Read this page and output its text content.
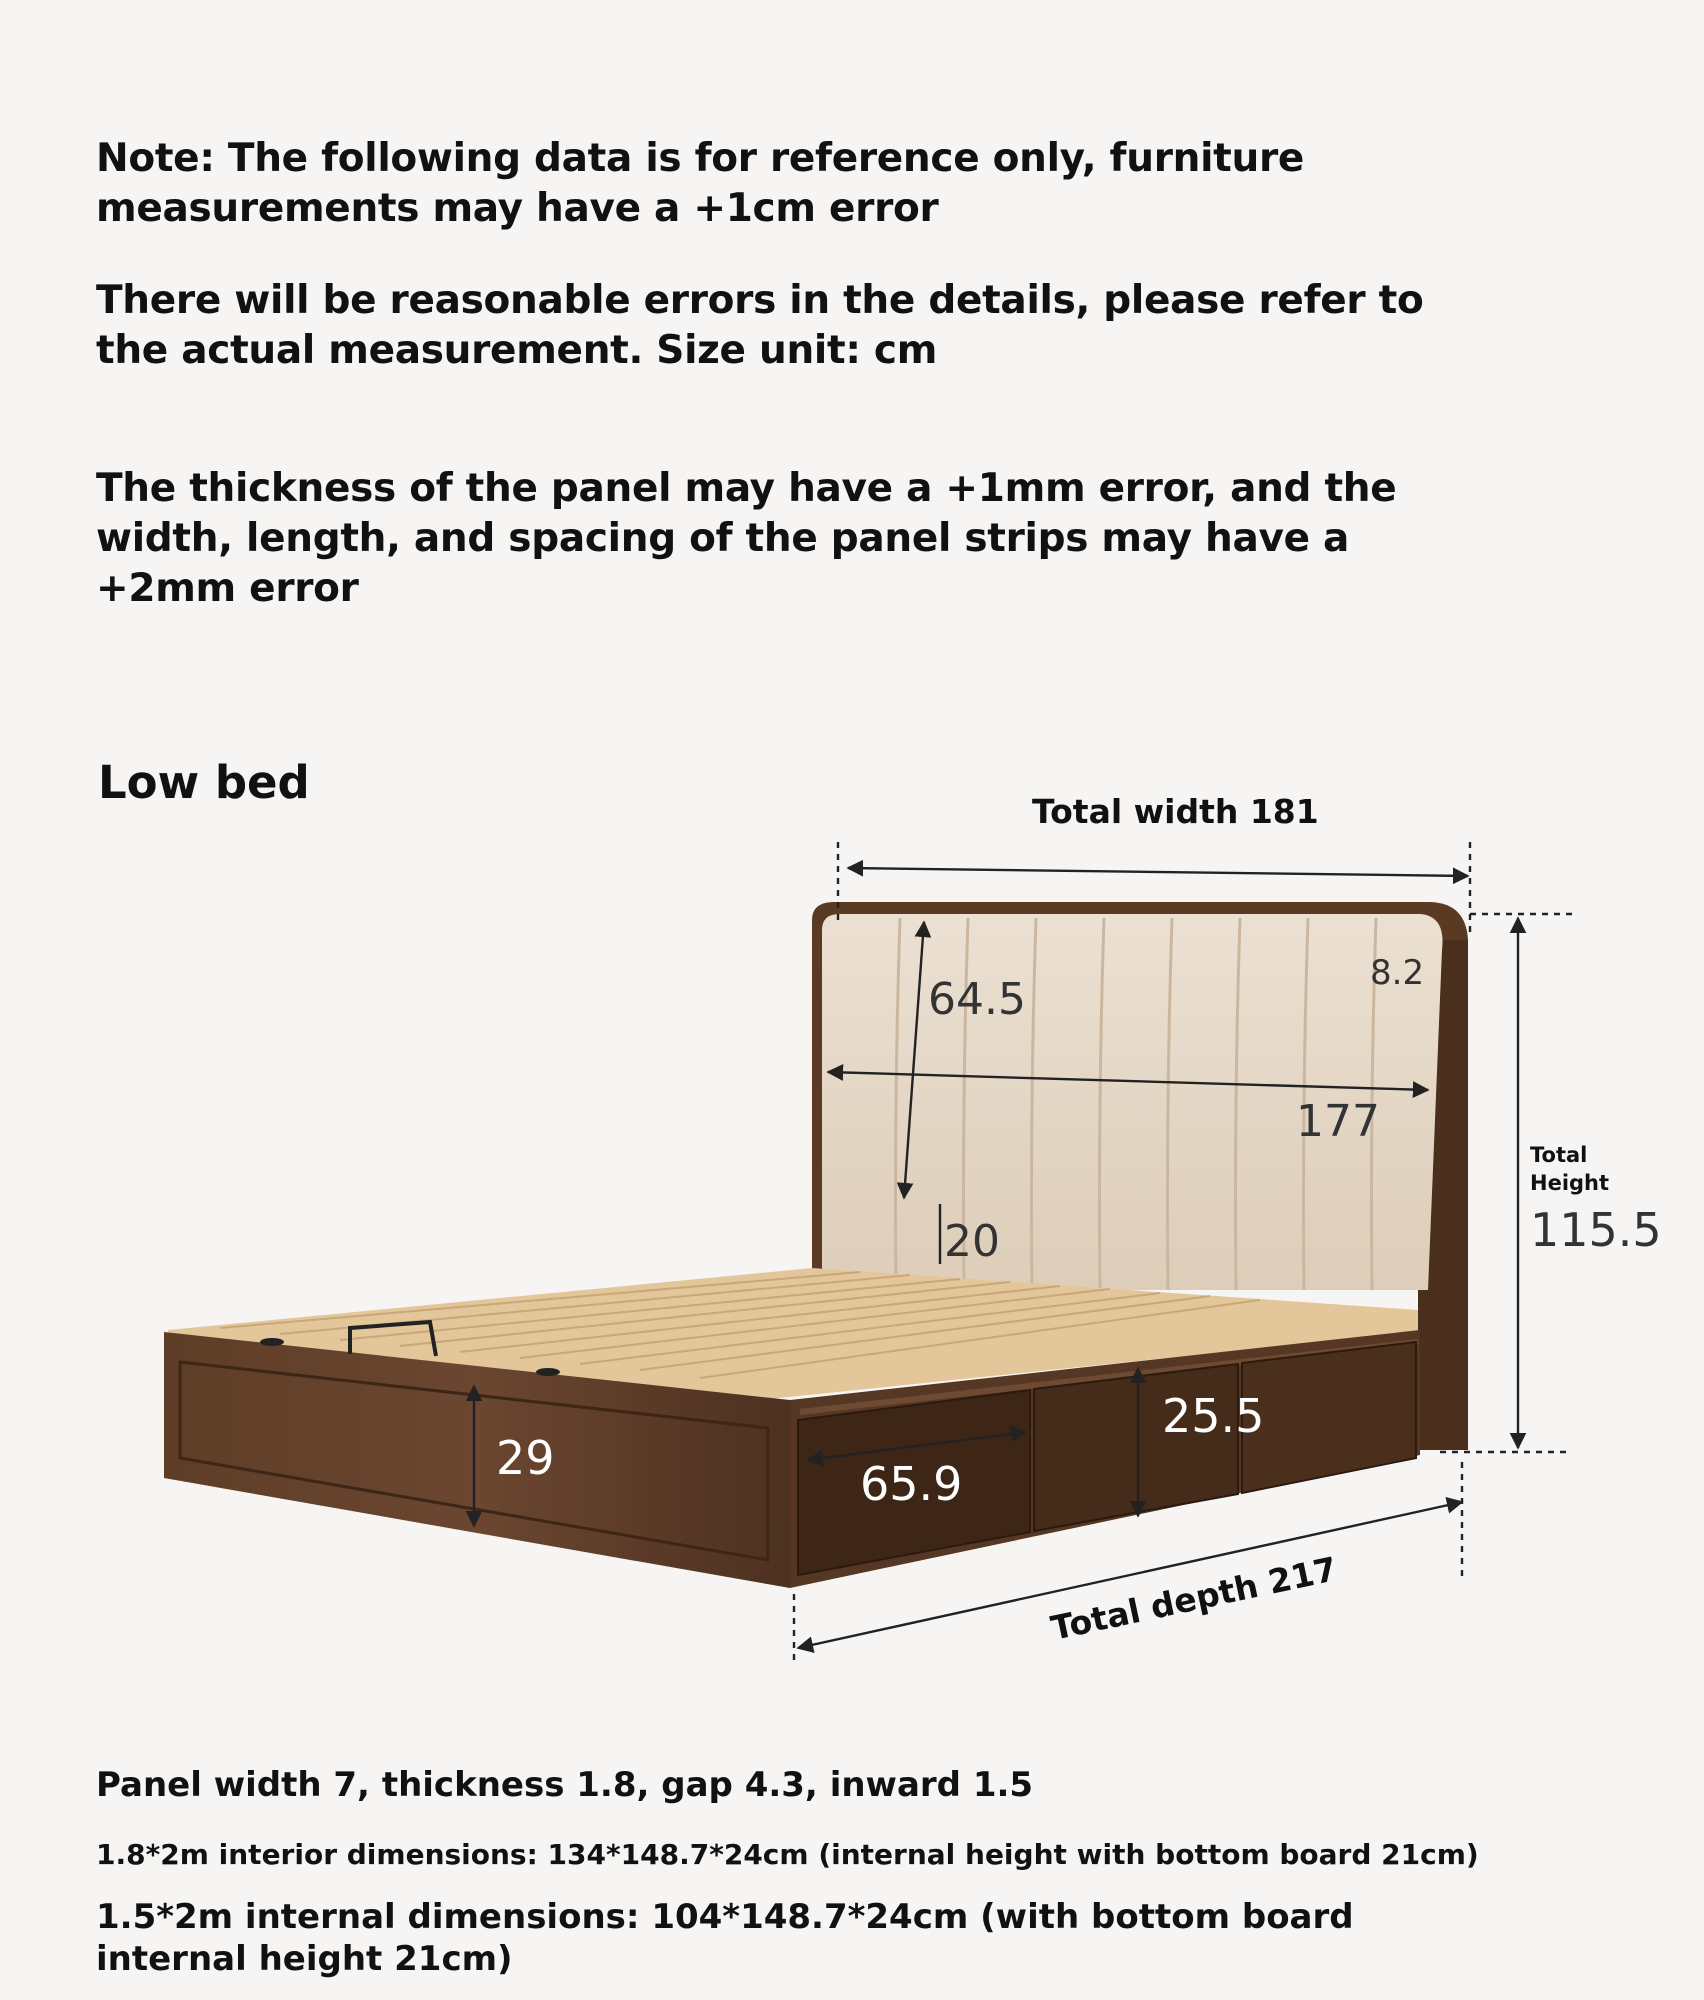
Note: The following data is for reference only, furniture measurements may have a +1cm error

There will be reasonable errors in the details, please refer to the actual measurement. Size unit: cm

The thickness of the panel may have a +1mm error, and the width, length, and spacing of the panel strips may have a +2mm error

Low bed
Total width 181
64.5
177
8.2
20
Total
Height
115.5
29	65.9
25.5
Total depth 217

Panel width 7, thickness 1.8, gap 4.3, inward 1.5

1.8*2m interior dimensions: 134*148.7*24cm (internal height with bottom board 21cm)

1.5*2m internal dimensions: 104*148.7*24cm (with bottom board internal height 21cm)
